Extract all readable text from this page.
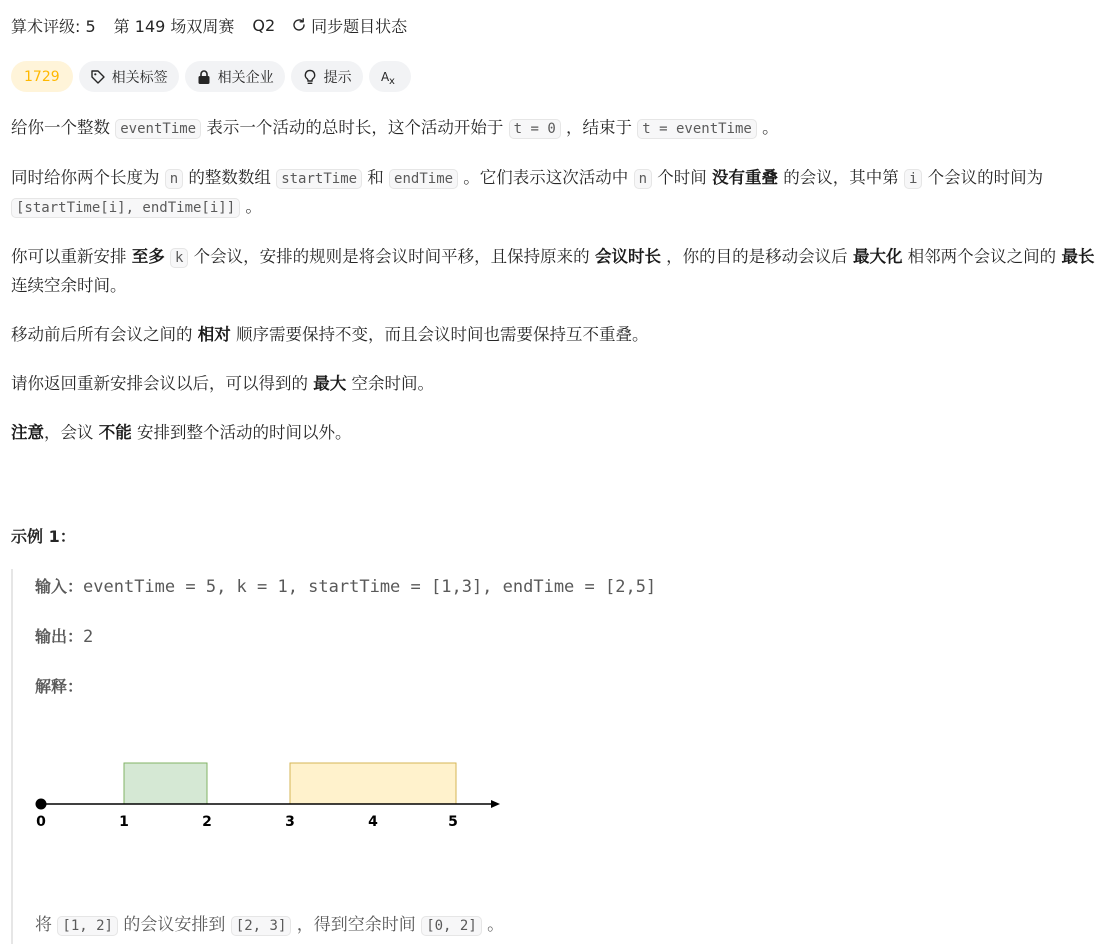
算术评级: 5 第 149 场双周赛 Q2 同步题目状态
1729	相关标签	相关企业	提示 A x

给你一个整数 eventTime 表示一个活动的总时长，这个活动开始于 t = 0 ，结束于 t = eventTime 。

同时给你两个长度为 n 的整数数组 startTime 和 endTime 。它们表示这次活动中 n 个时间 没有重叠 的会议，其中第 i 个会议的时间为 [startTime[i], endTime[i]] 。

你可以重新安排 至多 k 个会议，安排的规则是将会议时间平移，且保持原来的 会议时长 ，你的目的是移动会议后 最大化 相邻两个会议之间的 最长 连续空余时间。

移动前后所有会议之间的 相对 顺序需要保持不变，而且会议时间也需要保持互不重叠。

请你返回重新安排会议以后，可以得到的 最大 空余时间。

注意，会议 不能 安排到整个活动的时间以外。

示例 1：
输入：eventTime = 5, k = 1, startTime = [1,3], endTime = [2,5]
输出：2
解释：
0	1	2	3	4	5
将 [1, 2] 的会议安排到 [2, 3] ，得到空余时间 [0, 2] 。
